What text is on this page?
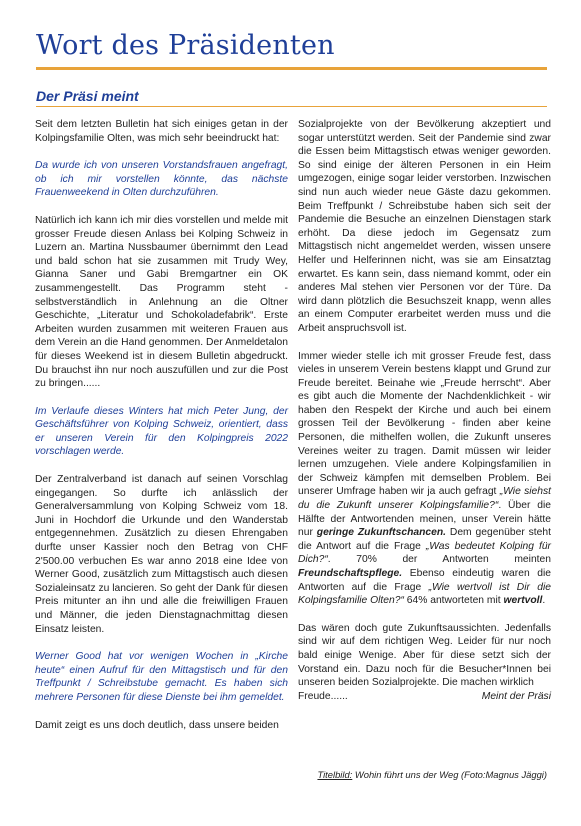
Wort des Präsidenten
Der Präsi meint

Seit dem letzten Bulletin hat sich einiges getan in der Kolpingsfamilie Olten, was mich sehr beeindruckt hat:

Da wurde ich von unseren Vorstandsfrauen angefragt, ob ich mir vorstellen könnte, das nächste Frauenweekend in Olten durchzuführen.

Natürlich ich kann ich mir dies vorstellen und melde mit grosser Freude diesen Anlass bei Kolping Schweiz in Luzern an. Martina Nussbaumer übernimmt den Lead und bald schon hat sie zusammen mit Trudy Wey, Gianna Saner und Gabi Bremgartner ein OK zusammengestellt. Das Programm steht - selbstverständlich in Anlehnung an die Oltner Geschichte, „Literatur und Schokoladefabrik“. Erste Arbeiten wurden zusammen mit weiteren Frauen aus dem Verein an die Hand genommen. Der Anmeldetalon für dieses Weekend ist in diesem Bulletin abgedruckt. Du brauchst ihn nur noch auszufüllen und zur die Post zu bringen......

Im Verlaufe dieses Winters hat mich Peter Jung, der Geschäftsführer von Kolping Schweiz, orientiert, dass er unseren Verein für den Kolpingpreis 2022 vorschlagen werde.

Der Zentralverband ist danach auf seinen Vorschlag eingegangen. So durfte ich anlässlich der Generalversammlung von Kolping Schweiz vom 18. Juni in Hochdorf die Urkunde und den Wanderstab entgegennehmen. Zusätzlich zu diesen Ehrengaben durfte unser Kassier noch den Betrag von CHF 2'500.00 verbuchen Es war anno 2018 eine Idee von Werner Good, zusätzlich zum Mittagstisch auch diesen Sozialeinsatz zu lancieren. So geht der Dank für diesen Preis mitunter an ihn und alle die freiwilligen Frauen und Männer, die jeden Dienstagnachmittag diesen Einsatz leisten.

Werner Good hat vor wenigen Wochen in „Kirche heute“ einen Aufruf für den Mittagstisch und für den Treffpunkt / Schreibstube gemacht. Es haben sich mehrere Personen für diese Dienste bei ihm gemeldet.

Damit zeigt es uns doch deutlich, dass unsere beiden

Sozialprojekte von der Bevölkerung akzeptiert und sogar unterstützt werden. Seit der Pandemie sind zwar die Essen beim Mittagstisch etwas weniger geworden. So sind einige der älteren Personen in ein Heim umgezogen, einige sogar leider verstorben. Inzwischen sind nun auch wieder neue Gäste dazu gekommen. Beim Treffpunkt / Schreibstube haben sich seit der Pandemie die Besuche an einzelnen Dienstagen stark erhöht. Da diese jedoch im Gegensatz zum Mittagstisch nicht angemeldet werden, wissen unsere Helfer und Helferinnen nicht, was sie am Einsatztag erwartet. Es kann sein, dass niemand kommt, oder ein anderes Mal stehen vier Personen vor der Türe. Da wird dann plötzlich die Besuchszeit knapp, wenn alles an einem Computer erarbeitet werden muss und die Arbeit anspruchsvoll ist.

Immer wieder stelle ich mit grosser Freude fest, dass vieles in unserem Verein bestens klappt und Grund zur Freude bereitet. Beinahe wie „Freude herrscht“. Aber es gibt auch die Momente der Nachdenklichkeit - wir haben den Respekt der Kirche und auch bei einem grossen Teil der Bevölkerung - finden aber keine Personen, die mithelfen wollen, die Zukunft unseres Vereines weiter zu tragen. Damit müssen wir leider lernen umzugehen. Viele andere Kolpingsfamilien in der Schweiz kämpfen mit demselben Problem. Bei unserer Umfrage haben wir ja auch gefragt „Wie siehst du die Zukunft unserer Kolpingsfamilie?“. Über die Hälfte der Antwortenden meinen, unser Verein hätte nur geringe Zukunftschancen. Dem gegenüber steht die Antwort auf die Frage „Was bedeutet Kolping für Dich?“. 70% der Antworten meinten Freundschaftspflege. Ebenso eindeutig waren die Antworten auf die Frage „Wie wertvoll ist Dir die Kolpingsfamilie Olten?“ 64% antworteten mit wertvoll.

Das wären doch gute Zukunftsaussichten. Jedenfalls sind wir auf dem richtigen Weg. Leider für nur noch bald einige Wenige. Aber für diese setzt sich der Vorstand ein. Dazu noch für die Besucher*Innen bei unseren beiden Sozialprojekte. Die machen wirklich
Freude......	Meint der Präsi

Titelbild: Wohin führt uns der Weg (Foto:Magnus Jäggi)
